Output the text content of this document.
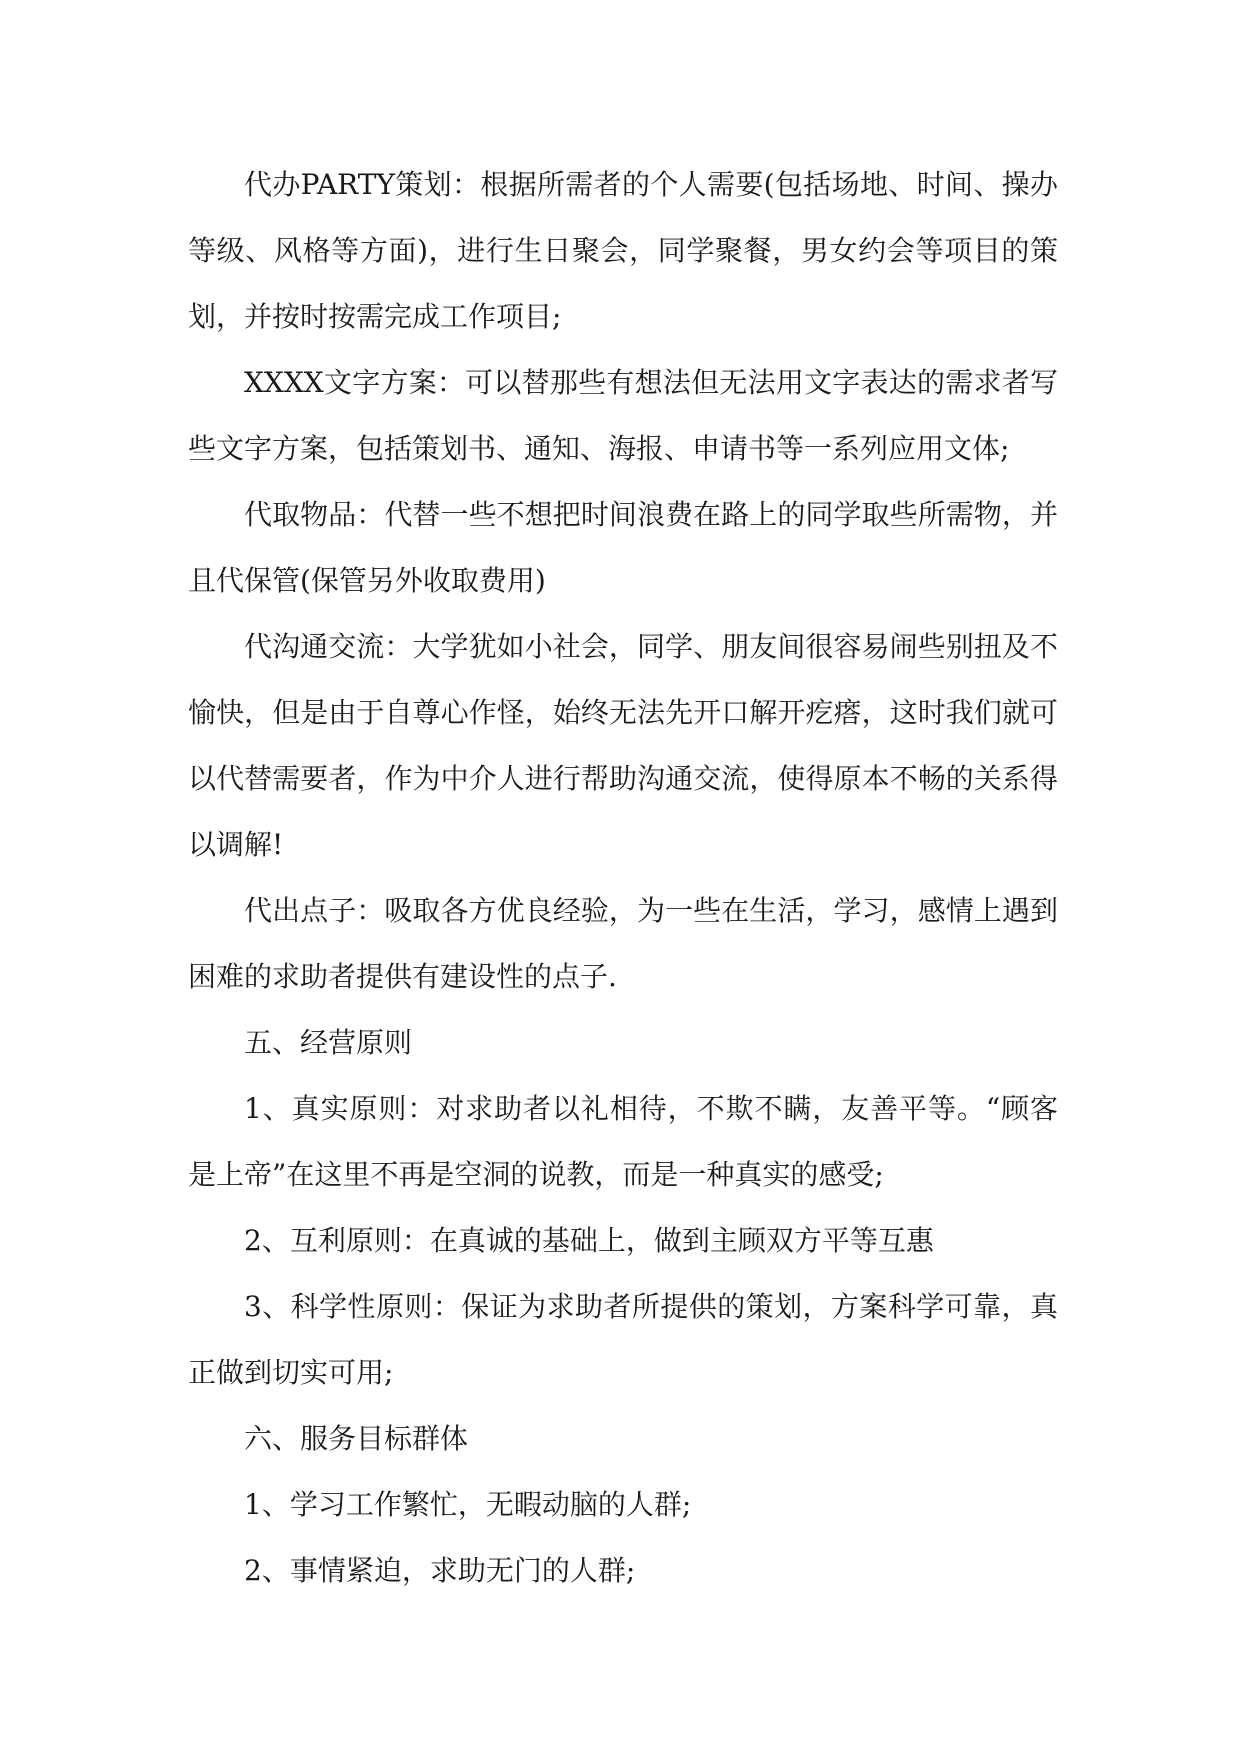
代办PARTY策划：根据所需者的个人需要(包括场地、时间、操办等级、风格等方面)，进行生日聚会，同学聚餐，男女约会等项目的策划，并按时按需完成工作项目;

XXXX文字方案：可以替那些有想法但无法用文字表达的需求者写些文字方案，包括策划书、通知、海报、申请书等一系列应用文体;

代取物品：代替一些不想把时间浪费在路上的同学取些所需物，并且代保管(保管另外收取费用)

代沟通交流：大学犹如小社会，同学、朋友间很容易闹些别扭及不愉快，但是由于自尊心作怪，始终无法先开口解开疙瘩，这时我们就可以代替需要者，作为中介人进行帮助沟通交流，使得原本不畅的关系得以调解!

代出点子：吸取各方优良经验，为一些在生活，学习，感情上遇到困难的求助者提供有建设性的点子.

五、经营原则

1、真实原则：对求助者以礼相待，不欺不瞒，友善平等。“顾客是上帝”在这里不再是空洞的说教，而是一种真实的感受;

2、互利原则：在真诚的基础上，做到主顾双方平等互惠

3、科学性原则：保证为求助者所提供的策划，方案科学可靠，真正做到切实可用;

六、服务目标群体

1、学习工作繁忙，无暇动脑的人群;

2、事情紧迫，求助无门的人群;
